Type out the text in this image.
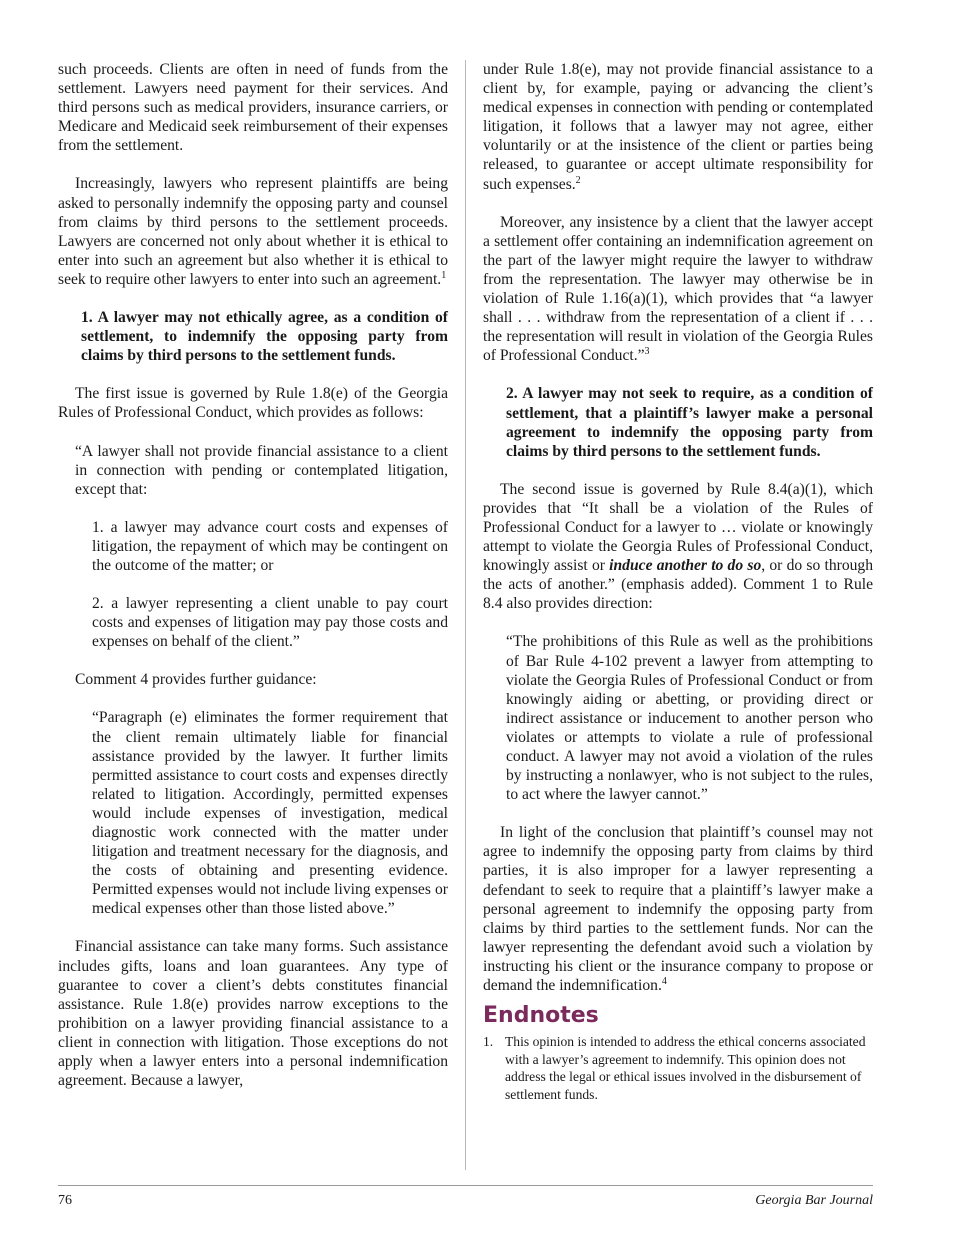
such proceeds. Clients are often in need of funds from the settlement. Lawyers need payment for their services. And third persons such as medical providers, insurance carriers, or Medicare and Medicaid seek reimbursement of their expenses from the settlement.

Increasingly, lawyers who represent plaintiffs are being asked to personally indemnify the opposing party and counsel from claims by third persons to the settlement proceeds. Lawyers are concerned not only about whether it is ethical to enter into such an agreement but also whether it is ethical to seek to require other lawyers to enter into such an agreement.$^1$

1. A lawyer may not ethically agree, as a condition of settlement, to indemnify the opposing party from claims by third persons to the settlement funds.

The first issue is governed by Rule 1.8(e) of the Georgia Rules of Professional Conduct, which provides as follows:

“A lawyer shall not provide financial assistance to a client in connection with pending or contemplated litigation, except that:

1. a lawyer may advance court costs and expenses of litigation, the repayment of which may be contingent on the outcome of the matter; or

2. a lawyer representing a client unable to pay court costs and expenses of litigation may pay those costs and expenses on behalf of the client.”

Comment 4 provides further guidance:

“Paragraph (e) eliminates the former requirement that the client remain ultimately liable for financial assistance provided by the lawyer. It further limits permitted assistance to court costs and expenses directly related to litigation. Accordingly, permitted expenses would include expenses of investigation, medical diagnostic work connected with the matter under litigation and treatment necessary for the diagnosis, and the costs of obtaining and presenting evidence. Permitted expenses would not include living expenses or medical expenses other than those listed above.”

Financial assistance can take many forms. Such assistance includes gifts, loans and loan guarantees. Any type of guarantee to cover a client’s debts constitutes financial assistance. Rule 1.8(e) provides narrow exceptions to the prohibition on a lawyer providing financial assistance to a client in connection with litigation. Those exceptions do not apply when a lawyer enters into a personal indemnification agreement. Because a lawyer,

under Rule 1.8(e), may not provide financial assistance to a client by, for example, paying or advancing the client’s medical expenses in connection with pending or contemplated litigation, it follows that a lawyer may not agree, either voluntarily or at the insistence of the client or parties being released, to guarantee or accept ultimate responsibility for such expenses.$^2$

Moreover, any insistence by a client that the lawyer accept a settlement offer containing an indemnification agreement on the part of the lawyer might require the lawyer to withdraw from the representation. The lawyer may otherwise be in violation of Rule 1.16(a)(1), which provides that “a lawyer shall . . . withdraw from the representation of a client if . . . the representation will result in violation of the Georgia Rules of Professional Conduct.”$^3$

2. A lawyer may not seek to require, as a condition of settlement, that a plaintiff’s lawyer make a personal agreement to indemnify the opposing party from claims by third persons to the settlement funds.

The second issue is governed by Rule 8.4(a)(1), which provides that “It shall be a violation of the Rules of Professional Conduct for a lawyer to … violate or knowingly attempt to violate the Georgia Rules of Professional Conduct, knowingly assist or induce another to do so, or do so through the acts of another.” (emphasis added). Comment 1 to Rule 8.4 also provides direction:

“The prohibitions of this Rule as well as the prohibitions of Bar Rule 4-102 prevent a lawyer from attempting to violate the Georgia Rules of Professional Conduct or from knowingly aiding or abetting, or providing direct or indirect assistance or inducement to another person who violates or attempts to violate a rule of professional conduct. A lawyer may not avoid a violation of the rules by instructing a nonlawyer, who is not subject to the rules, to act where the lawyer cannot.”

In light of the conclusion that plaintiff’s counsel may not agree to indemnify the opposing party from claims by third parties, it is also improper for a lawyer representing a defendant to seek to require that a plaintiff’s lawyer make a personal agreement to indemnify the opposing party from claims by third parties to the settlement funds. Nor can the lawyer representing the defendant avoid such a violation by instructing his client or the insurance company to propose or demand the indemnification.$^4$

Endnotes
1. This opinion is intended to address the ethical concerns associated with a lawyer’s agreement to indemnify. This opinion does not address the legal or ethical issues involved in the disbursement of settlement funds.
76	Georgia Bar Journal
